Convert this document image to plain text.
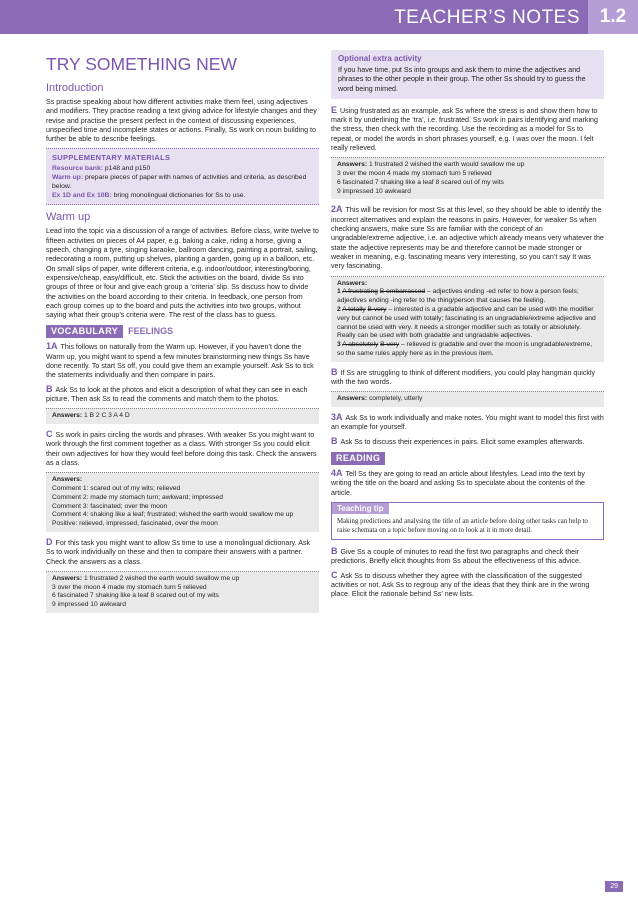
TEACHER’S NOTES	1.2
TRY SOMETHING NEW
Introduction

Ss practise speaking about how different activities make them feel, using adjectives and modifiers. They practise reading a text giving advice for lifestyle changes and they revise and practise the present perfect in the context of discussing experiences, unspecified time and incomplete states or actions. Finally, Ss work on noun building to further be able to describe feelings.

SUPPLEMENTARY MATERIALS
Resource bank: p148 and p150
Warm up: prepare pieces of paper with names of activities and criteria, as described below.
Ex 1D and Ex 10B: bring monolingual dictionaries for Ss to use.
Warm up

Lead into the topic via a discussion of a range of activities. Before class, write twelve to fifteen activities on pieces of A4 paper, e.g. baking a cake, riding a horse, giving a speech, changing a tyre, singing karaoke, ballroom dancing, painting a portrait, sailing, redecorating a room, putting up shelves, planting a garden, going up in a balloon, etc. On small slips of paper, write different criteria, e.g. indoor/outdoor, interesting/boring, expensive/cheap, easy/difficult, etc. Stick the activities on the board, divide Ss into groups of three or four and give each group a ‘criteria’ slip. Ss discuss how to divide the activities on the board according to their criteria. In feedback, one person from each group comes up to the board and puts the activities into two groups, without saying what their group’s criteria were. The rest of the class has to guess.

VOCABULARY FEELINGS

1A This follows on naturally from the Warm up. However, if you haven’t done the Warm up, you might want to spend a few minutes brainstorming new things Ss have done recently. To start Ss off, you could give them an example yourself. Ask Ss to tick the statements individually and then compare in pairs.

B Ask Ss to look at the photos and elicit a description of what they can see in each picture. Then ask Ss to read the comments and match them to the photos.

Answers: 1 B 2 C 3 A 4 D

C Ss work in pairs circling the words and phrases. With weaker Ss you might want to work through the first comment together as a class. With stronger Ss you could elicit their own adjectives for how they would feel before doing this task. Check the answers as a class.

Answers:
Comment 1: scared out of my wits; relieved
Comment 2: made my stomach turn; awkward; impressed
Comment 3: fascinated; over the moon
Comment 4: shaking like a leaf; frustrated; wished the earth would swallow me up
Positive: relieved, impressed, fascinated, over the moon

D For this task you might want to allow Ss time to use a monolingual dictionary. Ask Ss to work individually on these and then to compare their answers with a partner. Check the answers as a class.

Answers: 1 frustrated 2 wished the earth would swallow me up
3 over the moon 4 made my stomach turn 5 relieved
6 fascinated 7 shaking like a leaf 8 scared out of my wits
9 impressed 10 awkward
Optional extra activity
If you have time, put Ss into groups and ask them to mime the adjectives and phrases to the other people in their group. The other Ss should try to guess the word being mimed.

E Using frustrated as an example, ask Ss where the stress is and show them how to mark it by underlining the ‘tra’, i.e. frustrated. Ss work in pairs identifying and marking the stress, then check with the recording. Use the recording as a model for Ss to repeat, or model the words in short phrases yourself, e.g. I was over the moon. I felt really relieved.

Answers: 1 frustrated 2 wished the earth would swallow me up
3 over the moon 4 made my stomach turn 5 relieved
6 fascinated 7 shaking like a leaf 8 scared out of my wits
9 impressed 10 awkward

2A This will be revision for most Ss at this level, so they should be able to identify the incorrect alternatives and explain the reasons in pairs. However, for weaker Ss when checking answers, make sure Ss are familiar with the concept of an ungradable/extreme adjective, i.e. an adjective which already means very whatever the state the adjective represents may be and therefore cannot be made stronger or weaker in meaning, e.g. fascinating means very interesting, so you can’t say It was very fascinating.

Answers:
1 A frustrating B embarrassed – adjectives ending -ed refer to how a person feels; adjectives ending -ing refer to the thing/person that causes the feeling.
2 A totally B very – interested is a gradable adjective and can be used with the modifier very but cannot be used with totally; fascinating is an ungradable/extreme adjective and cannot be used with very. It needs a stronger modifier such as totally or absolutely. Really can be used with both gradable and ungradable adjectives.
3 A absolutely B very – relieved is gradable and over the moon is ungradable/extreme, so the same rules apply here as in the previous item.

B If Ss are struggling to think of different modifiers, you could play hangman quickly with the two words.

Answers: completely, utterly

3A Ask Ss to work individually and make notes. You might want to model this first with an example for yourself.

B Ask Ss to discuss their experiences in pairs. Elicit some examples afterwards.

READING

4A Tell Ss they are going to read an article about lifestyles. Lead into the text by writing the title on the board and asking Ss to speculate about the contents of the article.

Teaching tip
Making predictions and analysing the title of an article before doing other tasks can help to raise schemata on a topic before moving on to look at it in more detail.

B Give Ss a couple of minutes to read the first two paragraphs and check their predictions. Briefly elicit thoughts from Ss about the effectiveness of this advice.

C Ask Ss to discuss whether they agree with the classification of the suggested activities or not. Ask Ss to regroup any of the ideas that they think are in the wrong place. Elicit the rationale behind Ss’ new lists.

29
